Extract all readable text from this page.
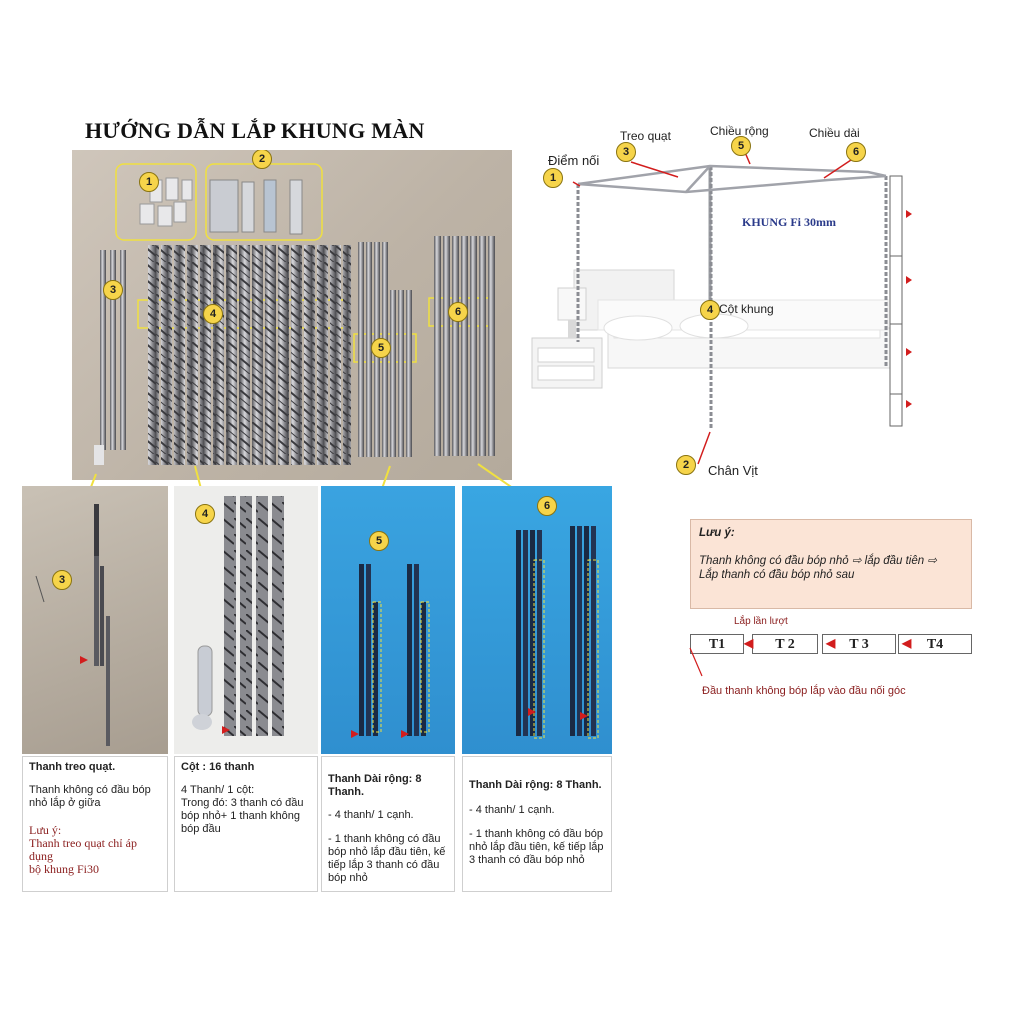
HƯỚNG DẪN LẮP KHUNG MÀN
1
2
3
4
5
6
1
Điểm nối
3
Treo quạt
5
Chiều rộng
6
Chiều dài
KHUNG Fi 30mm
4 Cột khung
2	Chân Vịt
3

Thanh treo quạt.

Thanh không có đầu bóp

nhỏ lắp ở giữa

Lưu ý:

Thanh treo quạt chỉ áp dụng

bộ khung Fi30

4

Cột : 16 thanh

4 Thanh/ 1 cột:

Trong đó: 3 thanh có đầu

bóp nhỏ+ 1 thanh không

bóp đầu

5

Thanh Dài rộng: 8

Thanh.

- 4 thanh/ 1 cạnh.

- 1 thanh không có đầu

bóp nhỏ lắp đầu tiên, kế

tiếp lắp 3 thanh có đầu

bóp nhỏ

6

Thanh Dài rộng: 8 Thanh.

- 4 thanh/ 1 cạnh.

- 1 thanh không có đầu bóp

nhỏ lắp đầu tiên, kế tiếp lắp

3 thanh có đầu bóp nhỏ

Lưu ý:
Thanh không có đầu bóp nhỏ ⇨ lắp đầu tiên ⇨
Lắp thanh có đầu bóp nhỏ sau
Lắp lần lượt
T1	T 2	T 3	T4
◀	◀	◀
Đầu thanh không bóp lắp vào đầu nối góc
